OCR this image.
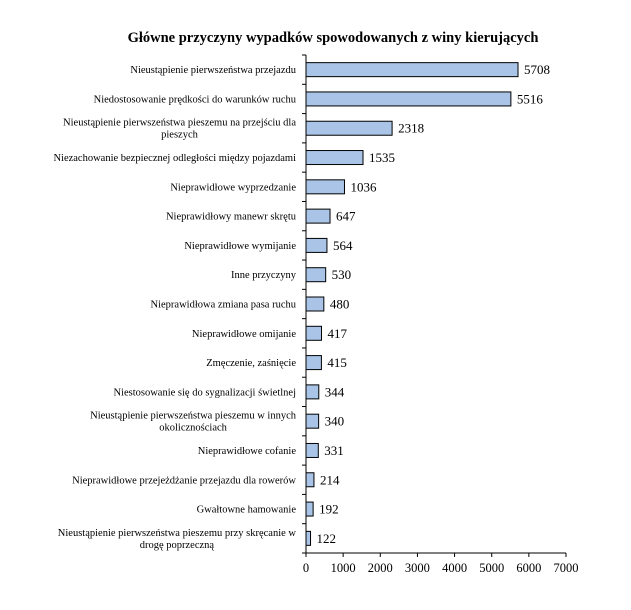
Główne przyczyny wypadków spowodowanych z winy kierujących
5708
Nieustąpienie pierwszeństwa przejazdu
5516
Niedostosowanie prędkości do warunków ruchu
2318
Nieustąpienie pierwszeństwa pieszemu na przejściu dla pieszych
1535
Niezachowanie bezpiecznej odległości między pojazdami
1036
Nieprawidłowe wyprzedzanie
647
Nieprawidłowy manewr skrętu
564
Nieprawidłowe wymijanie
530
Inne przyczyny
480
Nieprawidłowa zmiana pasa ruchu
417
Nieprawidłowe omijanie
415
Zmęczenie, zaśnięcie
344
Niestosowanie się do sygnalizacji świetlnej
340
Nieustąpienie pierwszeństwa pieszemu w innych okolicznościach
331
Nieprawidłowe cofanie
214
Nieprawidłowe przejeżdżanie przejazdu dla rowerów
192
Gwałtowne hamowanie
122
Nieustąpienie pierwszeństwa pieszemu przy skręcanie w drogę poprzeczną
0 1000 2000 3000 4000 5000 6000 7000
